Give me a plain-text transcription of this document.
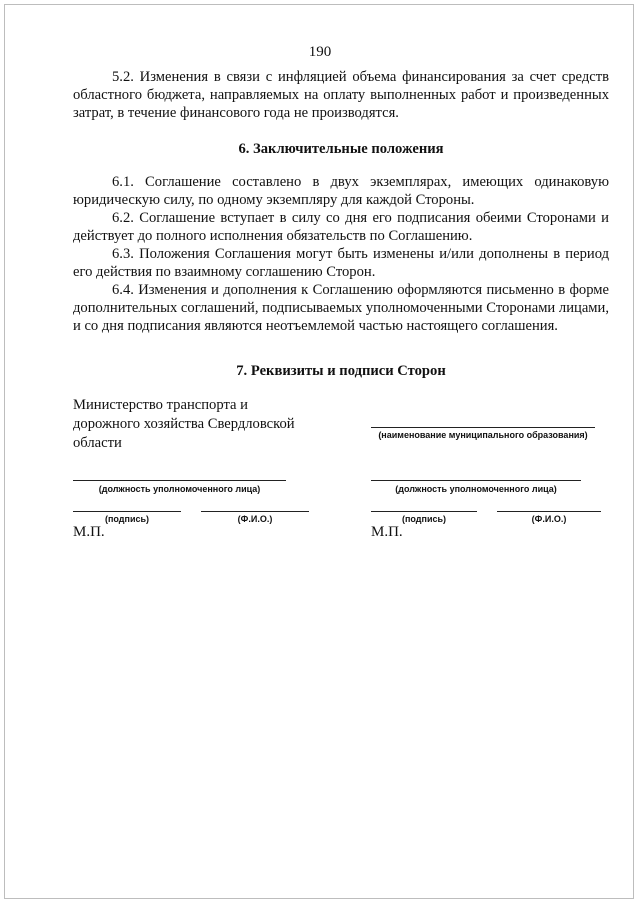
190

5.2. Изменения в связи с инфляцией объема финансирования за счет средств областного бюджета, направляемых на оплату выполненных работ и произведенных затрат, в течение финансового года не производятся.

6. Заключительные положения

6.1. Соглашение составлено в двух экземплярах, имеющих одинаковую юридическую силу, по одному экземпляру для каждой Стороны.

6.2. Соглашение вступает в силу со дня его подписания обеими Сторонами и действует до полного исполнения обязательств по Соглашению.

6.3. Положения Соглашения могут быть изменены и/или дополнены в период его действия по взаимному соглашению Сторон.

6.4. Изменения и дополнения к Соглашению оформляются письменно в форме дополнительных соглашений, подписываемых уполномоченными Сторонами лицами, и со дня подписания являются неотъемлемой частью настоящего соглашения.

7. Реквизиты и подписи Сторон
Министерство транспорта и
дорожного хозяйства Свердловской
области	(наименование муниципального образования)
(должность уполномоченного лица)	(должность уполномоченного лица)
(подпись)	(Ф.И.О.)	(подпись)	(Ф.И.О.)
М.П.	М.П.
